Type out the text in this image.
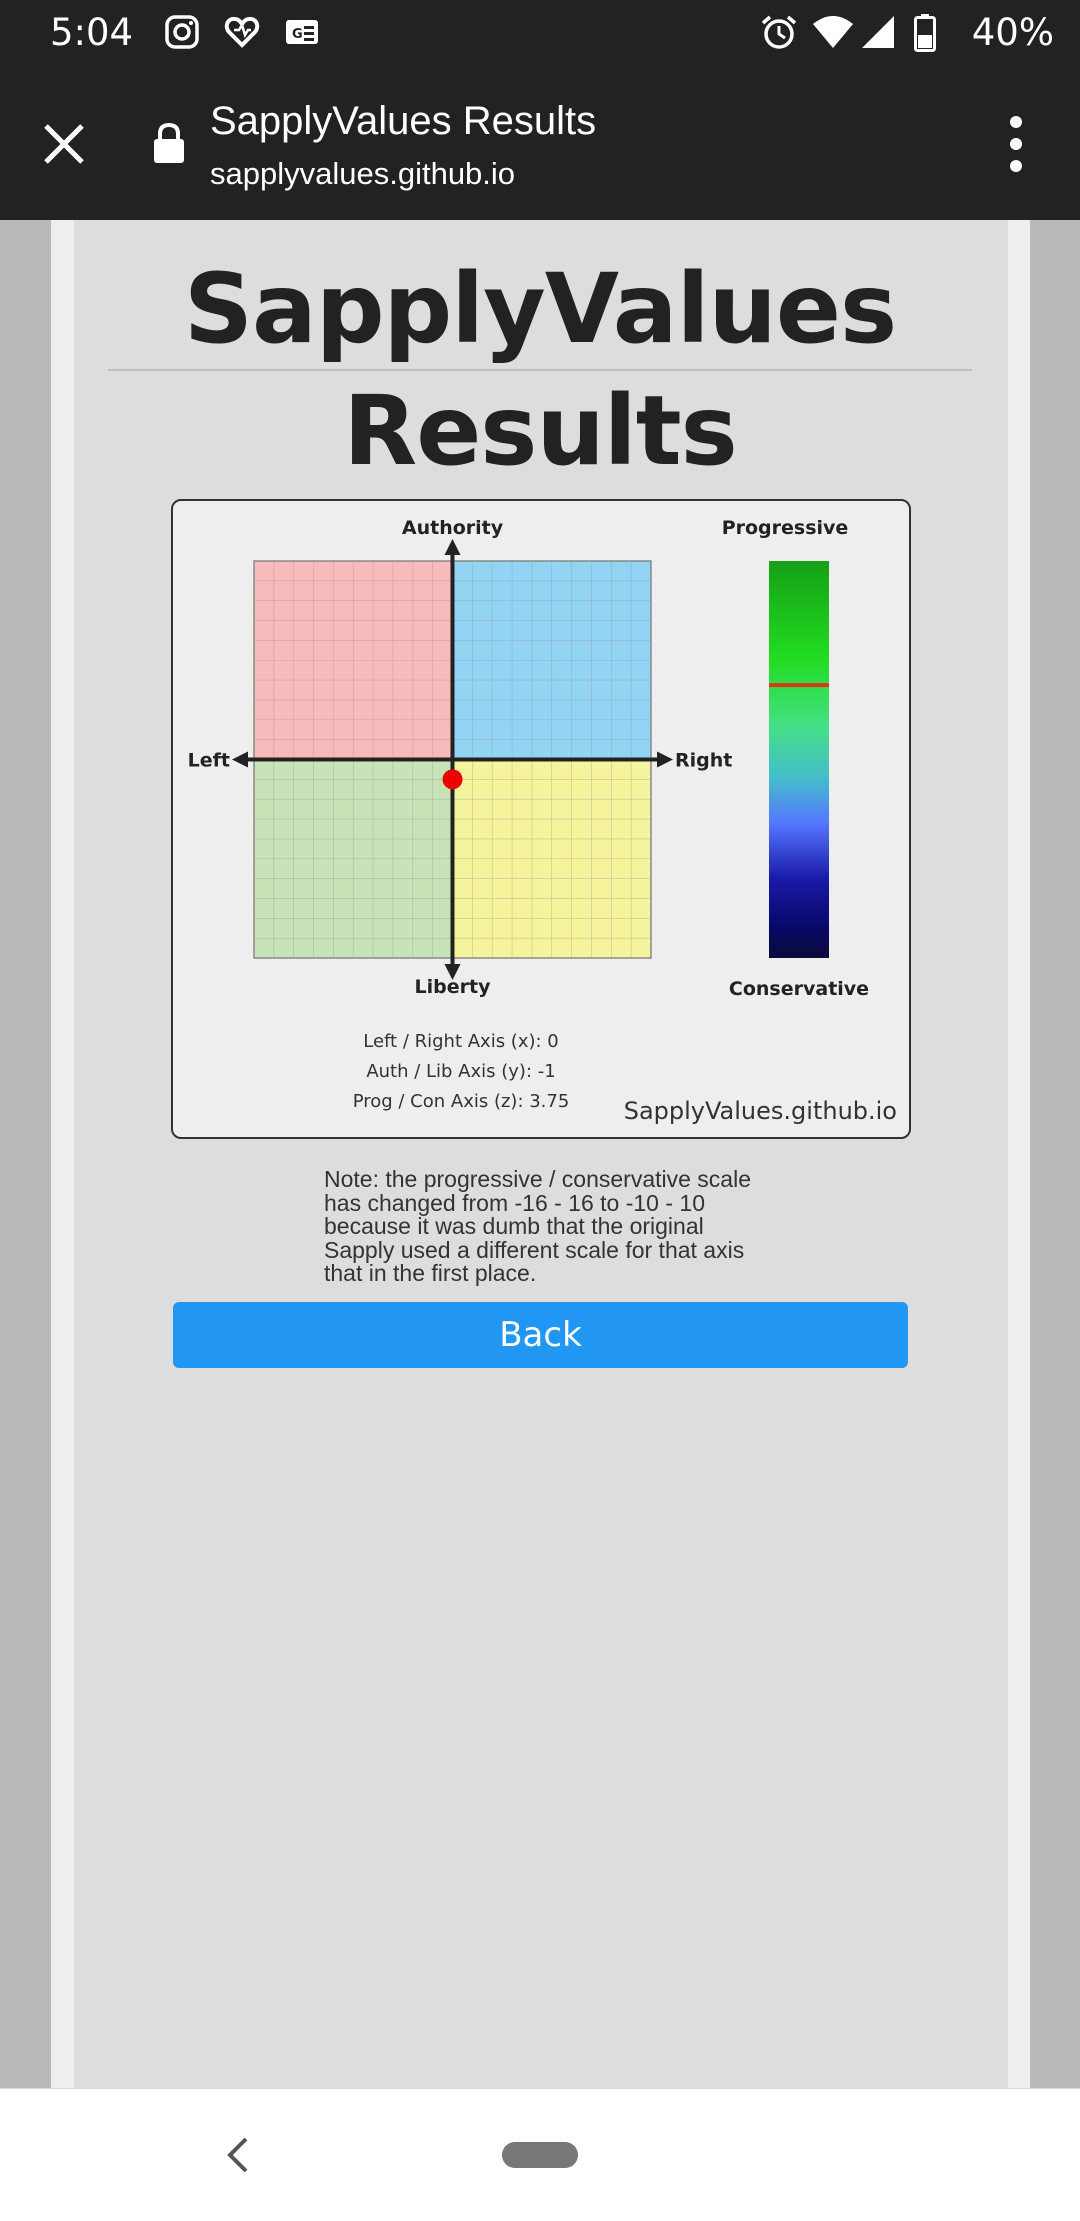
5:04	G	40%
SapplyValues Results
sapplyvalues.github.io
SapplyValues
Results
Authority
Liberty
Left	Right
Progressive
Conservative
Left / Right Axis (x): 0
Auth / Lib Axis (y): -1
Prog / Con Axis (z): 3.75 SapplyValues.github.io
Note: the progressive / conservative scale has changed from -16 - 16 to -10 - 10 because it was dumb that the original Sapply used a different scale for that axis that in the first place.
Back
